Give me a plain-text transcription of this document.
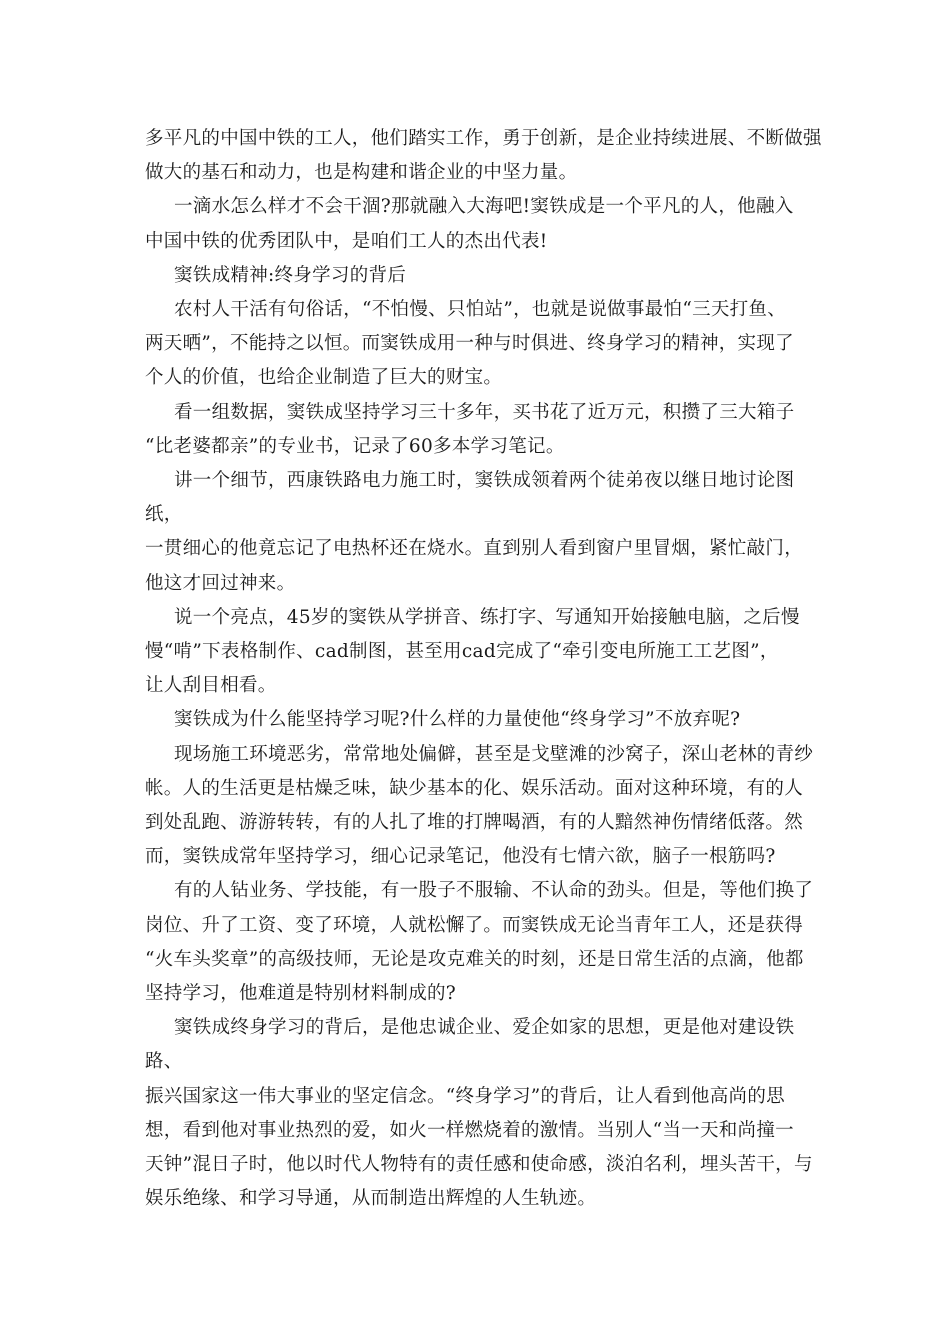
多平凡的中国中铁的工人，他们踏实工作，勇于创新，是企业持续进展、不断做强
做大的基石和动力，也是构建和谐企业的中坚力量。

一滴水怎么样才不会干涸?那就融入大海吧!窦铁成是一个平凡的人，他融入
中国中铁的优秀团队中，是咱们工人的杰出代表!

窦铁成精神:终身学习的背后

农村人干活有句俗话，“不怕慢、只怕站”，也就是说做事最怕“三天打鱼、
两天晒”，不能持之以恒。而窦铁成用一种与时俱进、终身学习的精神，实现了
个人的价值，也给企业制造了巨大的财宝。

看一组数据，窦铁成坚持学习三十多年，买书花了近万元，积攒了三大箱子
“比老婆都亲”的专业书，记录了60多本学习笔记。

讲一个细节，西康铁路电力施工时，窦铁成领着两个徒弟夜以继日地讨论图纸，
一贯细心的他竟忘记了电热杯还在烧水。直到别人看到窗户里冒烟，紧忙敲门，
他这才回过神来。

说一个亮点，45岁的窦铁从学拼音、练打字、写通知开始接触电脑，之后慢
慢“啃”下表格制作、cad制图，甚至用cad完成了“牵引变电所施工工艺图”，
让人刮目相看。

窦铁成为什么能坚持学习呢?什么样的力量使他“终身学习”不放弃呢?

现场施工环境恶劣，常常地处偏僻，甚至是戈壁滩的沙窝子，深山老林的青纱
帐。人的生活更是枯燥乏味，缺少基本的化、娱乐活动。面对这种环境，有的人
到处乱跑、游游转转，有的人扎了堆的打牌喝酒，有的人黯然神伤情绪低落。然
而，窦铁成常年坚持学习，细心记录笔记，他没有七情六欲，脑子一根筋吗?

有的人钻业务、学技能，有一股子不服输、不认命的劲头。但是，等他们换了
岗位、升了工资、变了环境，人就松懈了。而窦铁成无论当青年工人，还是获得
“火车头奖章”的高级技师，无论是攻克难关的时刻，还是日常生活的点滴，他都
坚持学习，他难道是特别材料制成的?

窦铁成终身学习的背后，是他忠诚企业、爱企如家的思想，更是他对建设铁路、
振兴国家这一伟大事业的坚定信念。“终身学习”的背后，让人看到他高尚的思
想，看到他对事业热烈的爱，如火一样燃烧着的激情。当别人“当一天和尚撞一
天钟”混日子时，他以时代人物特有的责任感和使命感，淡泊名利，埋头苦干，与
娱乐绝缘、和学习导通，从而制造出辉煌的人生轨迹。
